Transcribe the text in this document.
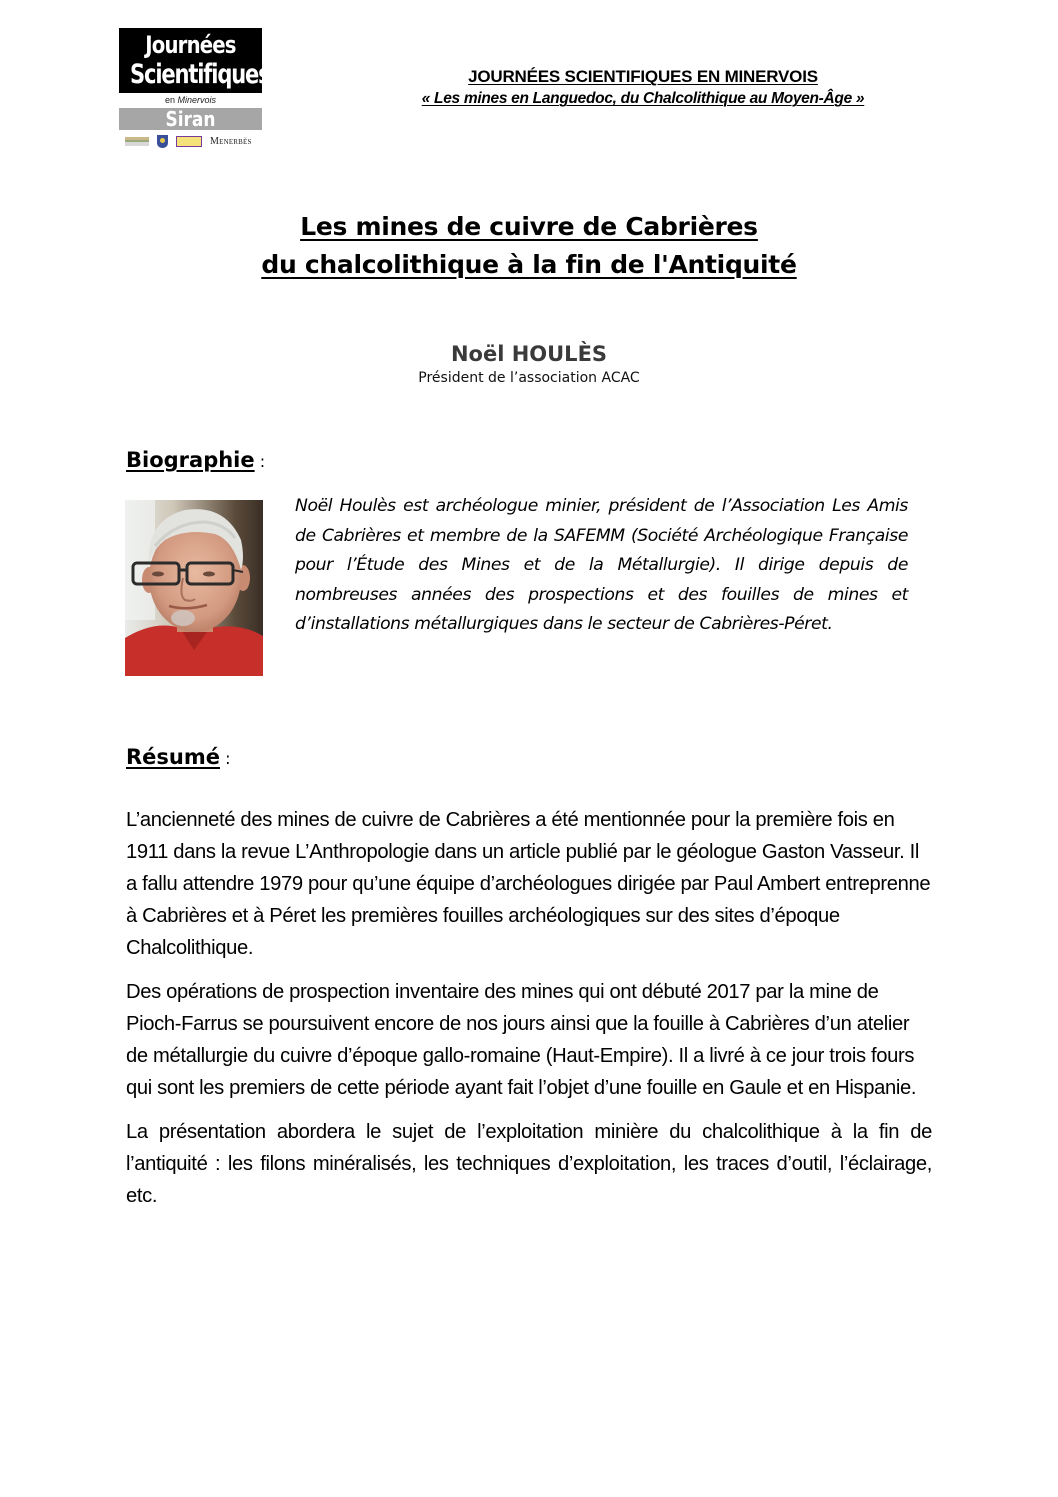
Journées
Scientifiques
en Minervois
Siran
Menerbès
JOURNÉES SCIENTIFIQUES EN MINERVOIS
« Les mines en Languedoc, du Chalcolithique au Moyen-Âge »
Les mines de cuivre de Cabrières
du chalcolithique à la fin de l'Antiquité
Noël HOULÈS
Président de l’association ACAC
Biographie :
Noël Houlès est archéologue minier, président de l’Association Les Amis de Cabrières et membre de la SAFEMM (Société Archéologique Française pour l’Étude des Mines et de la Métallurgie). Il dirige depuis de nombreuses années des prospections et des fouilles de mines et d’installations métallurgiques dans le secteur de Cabrières-Péret.
Résumé :

L’ancienneté des mines de cuivre de Cabrières a été mentionnée pour la première fois en 1911 dans la revue L’Anthropologie dans un article publié par le géologue Gaston Vasseur. Il a fallu attendre 1979 pour qu’une équipe d’archéologues dirigée par Paul Ambert entreprenne à Cabrières et à Péret les premières fouilles archéologiques sur des sites d’époque Chalcolithique.

Des opérations de prospection inventaire des mines qui ont débuté 2017 par la mine de Pioch-Farrus se poursuivent encore de nos jours ainsi que la fouille à Cabrières d’un atelier de métallurgie du cuivre d’époque gallo-romaine (Haut-Empire). Il a livré à ce jour trois fours qui sont les premiers de cette période ayant fait l’objet d’une fouille en Gaule et en Hispanie.

La présentation abordera le sujet de l’exploitation minière du chalcolithique à la fin de l’antiquité : les filons minéralisés, les techniques d’exploitation, les traces d’outil, l’éclairage, etc.
